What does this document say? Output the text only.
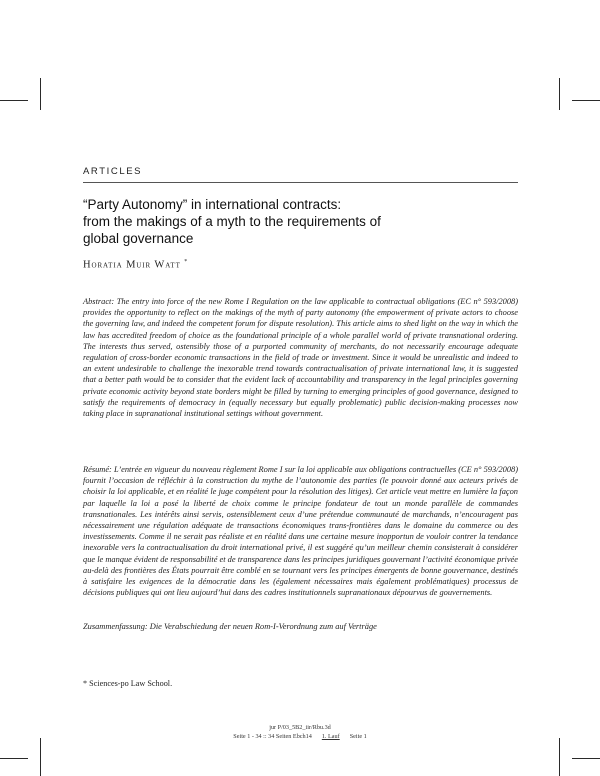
ARTICLES
“Party Autonomy” in international contracts:
from the makings of a myth to the requirements of
global governance
Horatia Muir Watt *
Abstract: The entry into force of the new Rome I Regulation on the law applicable to contractual obligations (EC n° 593/2008) provides the opportunity to reflect on the makings of the myth of party autonomy (the empowerment of private actors to choose the governing law, and indeed the competent forum for dispute resolution). This article aims to shed light on the way in which the law has accredited freedom of choice as the foundational principle of a whole parallel world of private transnational ordering. The interests thus served, ostensibly those of a purported community of merchants, do not necessarily encourage adequate regulation of cross-border economic transactions in the field of trade or investment. Since it would be unrealistic and indeed to an extent undesirable to challenge the inexorable trend towards contractualisation of private international law, it is suggested that a better path would be to consider that the evident lack of accountability and transparency in the legal principles governing private economic activity beyond state borders might be filled by turning to emerging principles of good governance, designed to satisfy the requirements of democracy in (equally necessary but equally problematic) public decision-making processes now taking place in supranational institutional settings without government.
Résumé: L’entrée en vigueur du nouveau règlement Rome I sur la loi applicable aux obligations contractuelles (CE n° 593/2008) fournit l’occasion de réfléchir à la construction du mythe de l’autonomie des parties (le pouvoir donné aux acteurs privés de choisir la loi applicable, et en réalité le juge compétent pour la résolution des litiges). Cet article veut mettre en lumière la façon par laquelle la loi a posé la liberté de choix comme le principe fondateur de tout un monde parallèle de commandes transnationales. Les intérêts ainsi servis, ostensiblement ceux d’une prétendue communauté de marchands, n’encouragent pas nécessairement une régulation adéquate de transactions économiques trans-frontières dans le domaine du commerce ou des investissements. Comme il ne serait pas réaliste et en réalité dans une certaine mesure inopportun de vouloir contrer la tendance inexorable vers la contractualisation du droit international privé, il est suggéré qu’un meilleur chemin consisterait à considérer que le manque évident de responsabilité et de transparence dans les principes juridiques gouvernant l’activité économique privée au-delà des frontières des États pourrait être comblé en se tournant vers les principes émergents de bonne gouvernance, destinés à satisfaire les exigences de la démocratie dans les (également nécessaires mais également problématiques) processus de décisions publiques qui ont lieu aujourd’hui dans des cadres institutionnels supranationaux dépourvus de gouvernements.
Zusammenfassung: Die Verabschiedung der neuen Rom-I-Verordnung zum auf Verträge
* Sciences-po Law School.
jur P/03_5B2_iir/Rbu.3d
Seite 1 - 34 :: 34 Seiten Ebch14 1. Lauf Seite 1
